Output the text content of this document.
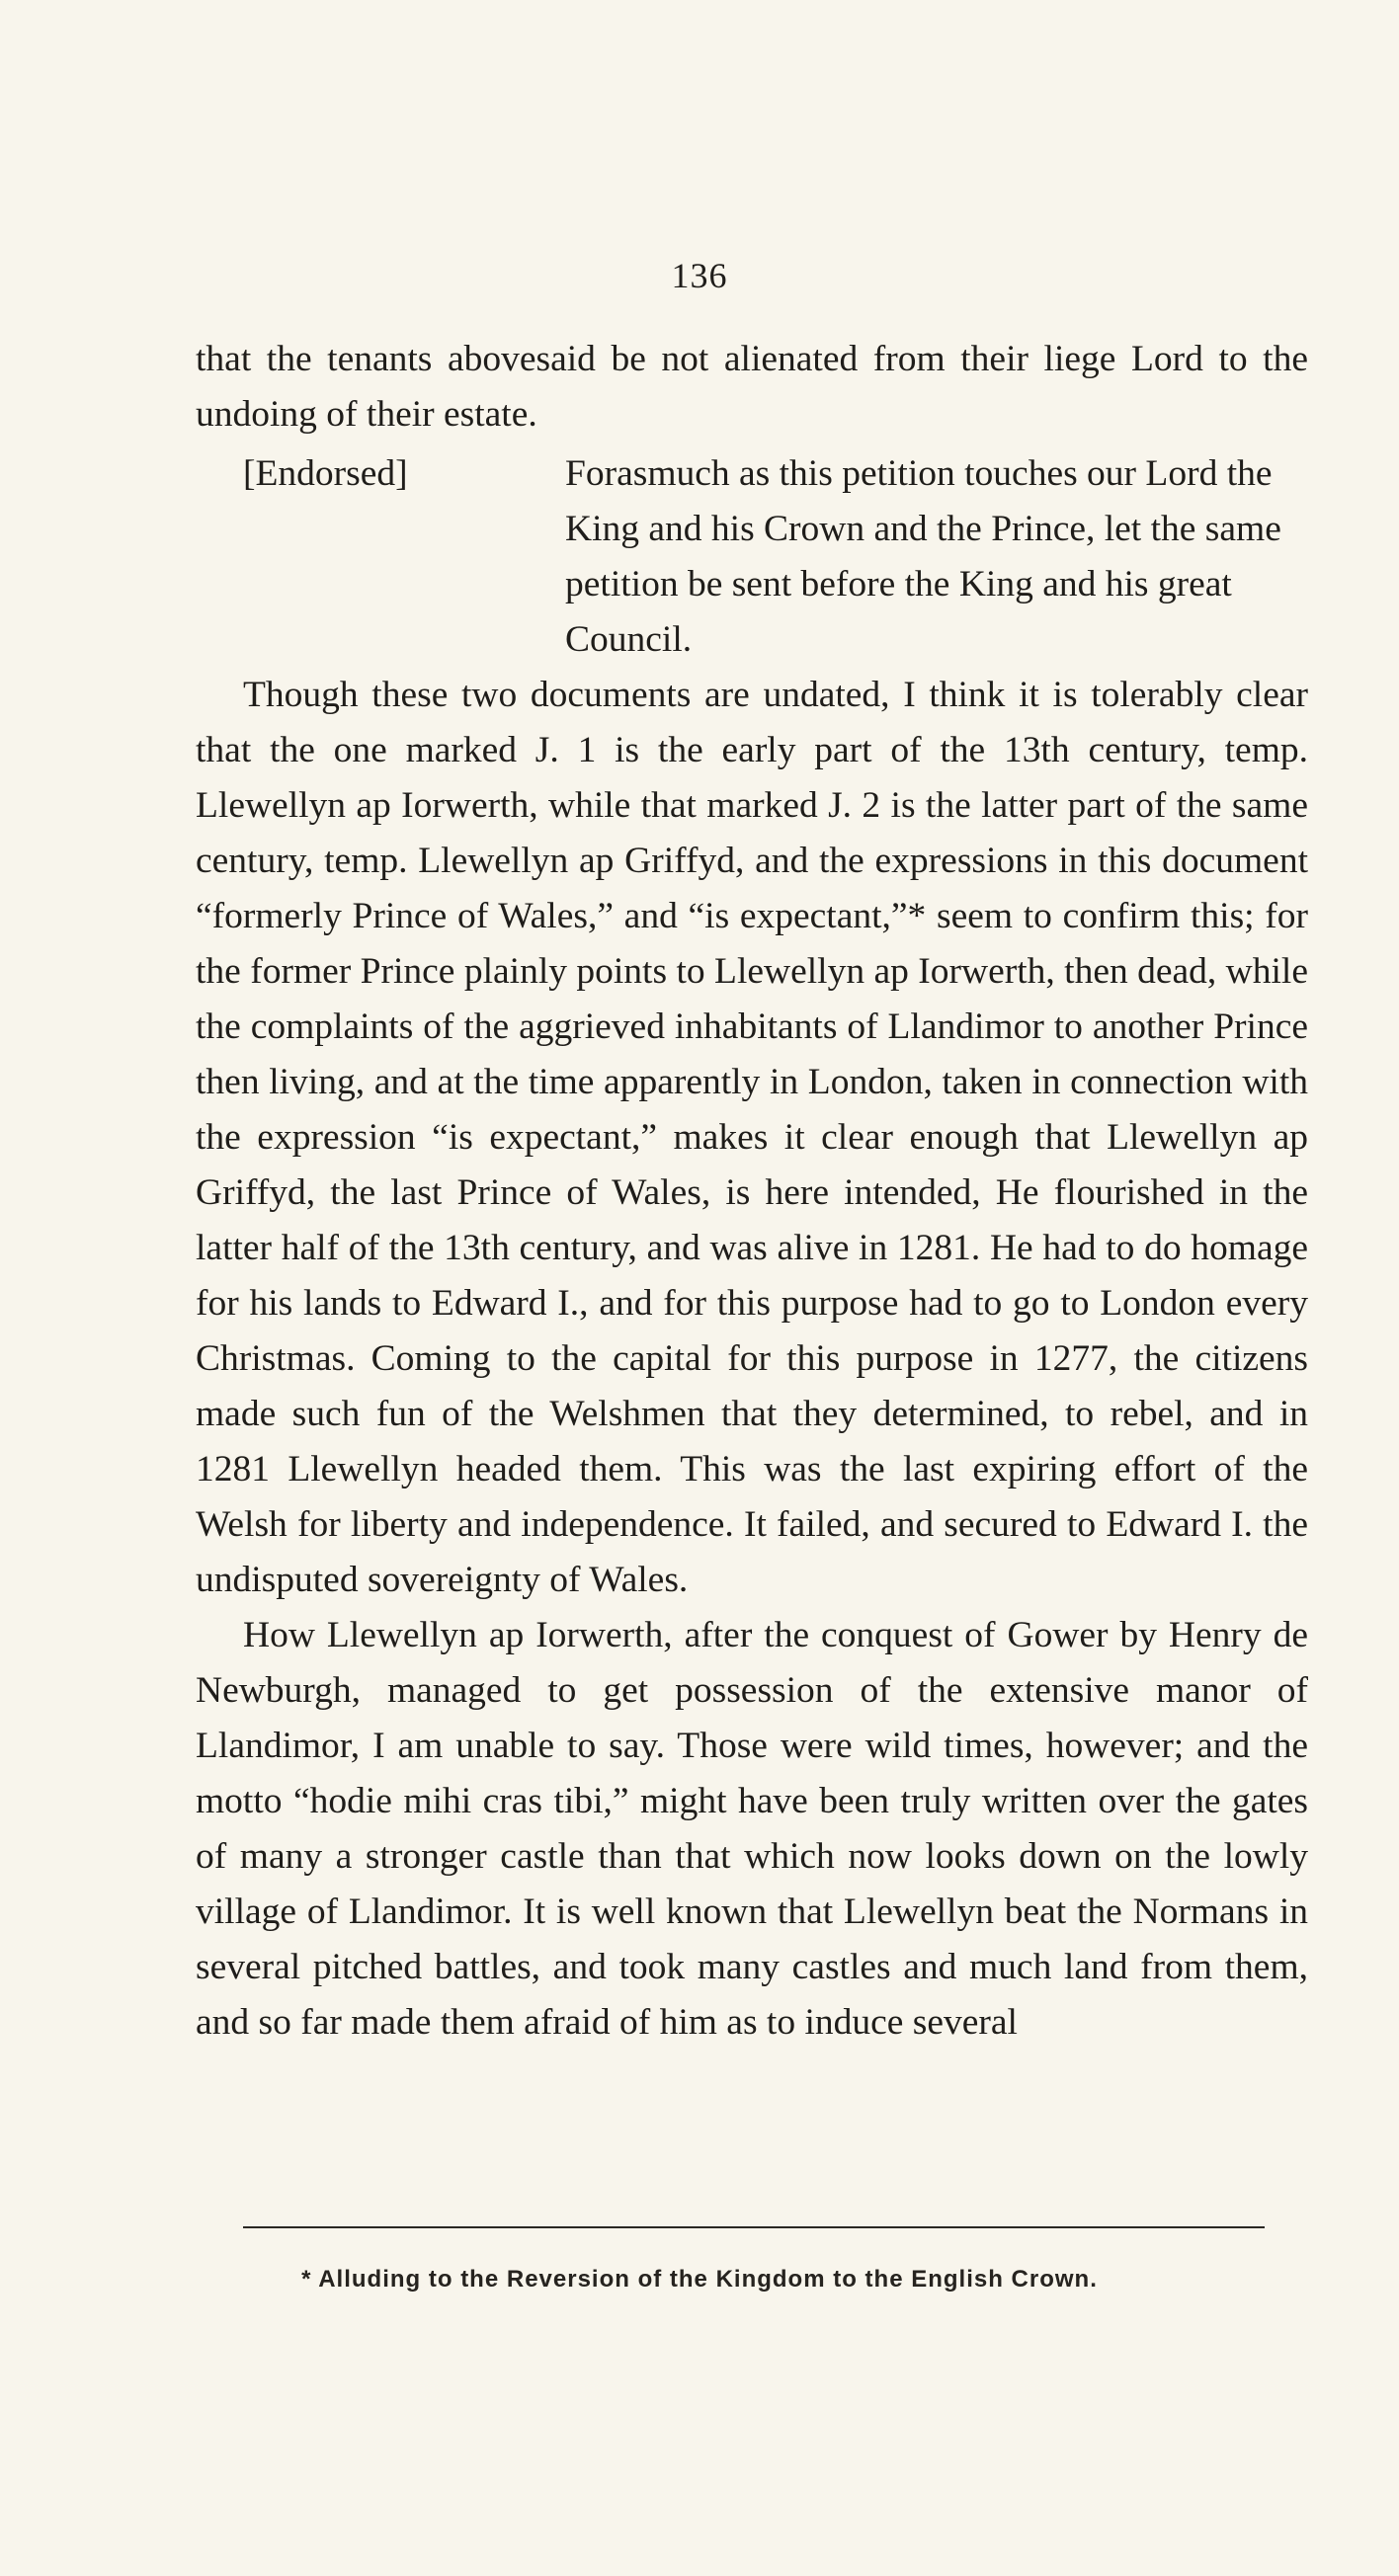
136

that the tenants abovesaid be not alienated from their liege Lord to the undoing of their estate.

[Endorsed]	Forasmuch as this petition touches our Lord the King and his Crown and the Prince, let the same petition be sent before the King and his great Council.

Though these two documents are undated, I think it is tolerably clear that the one marked J. 1 is the early part of the 13th century, temp. Llewellyn ap Iorwerth, while that marked J. 2 is the latter part of the same century, temp. Llewellyn ap Griffyd, and the expressions in this document “formerly Prince of Wales,” and “is expectant,”* seem to confirm this; for the former Prince plainly points to Llewellyn ap Iorwerth, then dead, while the complaints of the aggrieved inhabitants of Llandimor to another Prince then living, and at the time apparently in London, taken in connection with the expression “is expectant,” makes it clear enough that Llewellyn ap Griffyd, the last Prince of Wales, is here intended, He flourished in the latter half of the 13th century, and was alive in 1281. He had to do homage for his lands to Edward I., and for this purpose had to go to London every Christmas. Coming to the capital for this purpose in 1277, the citizens made such fun of the Welshmen that they determined, to rebel, and in 1281 Llewellyn headed them. This was the last expiring effort of the Welsh for liberty and independence. It failed, and secured to Edward I. the undisputed sovereignty of Wales.

How Llewellyn ap Iorwerth, after the conquest of Gower by Henry de Newburgh, managed to get possession of the extensive manor of Llandimor, I am unable to say. Those were wild times, however; and the motto “hodie mihi cras tibi,” might have been truly written over the gates of many a stronger castle than that which now looks down on the lowly village of Llandimor. It is well known that Llewellyn beat the Normans in several pitched battles, and took many castles and much land from them, and so far made them afraid of him as to induce several

* Alluding to the Reversion of the Kingdom to the English Crown.
